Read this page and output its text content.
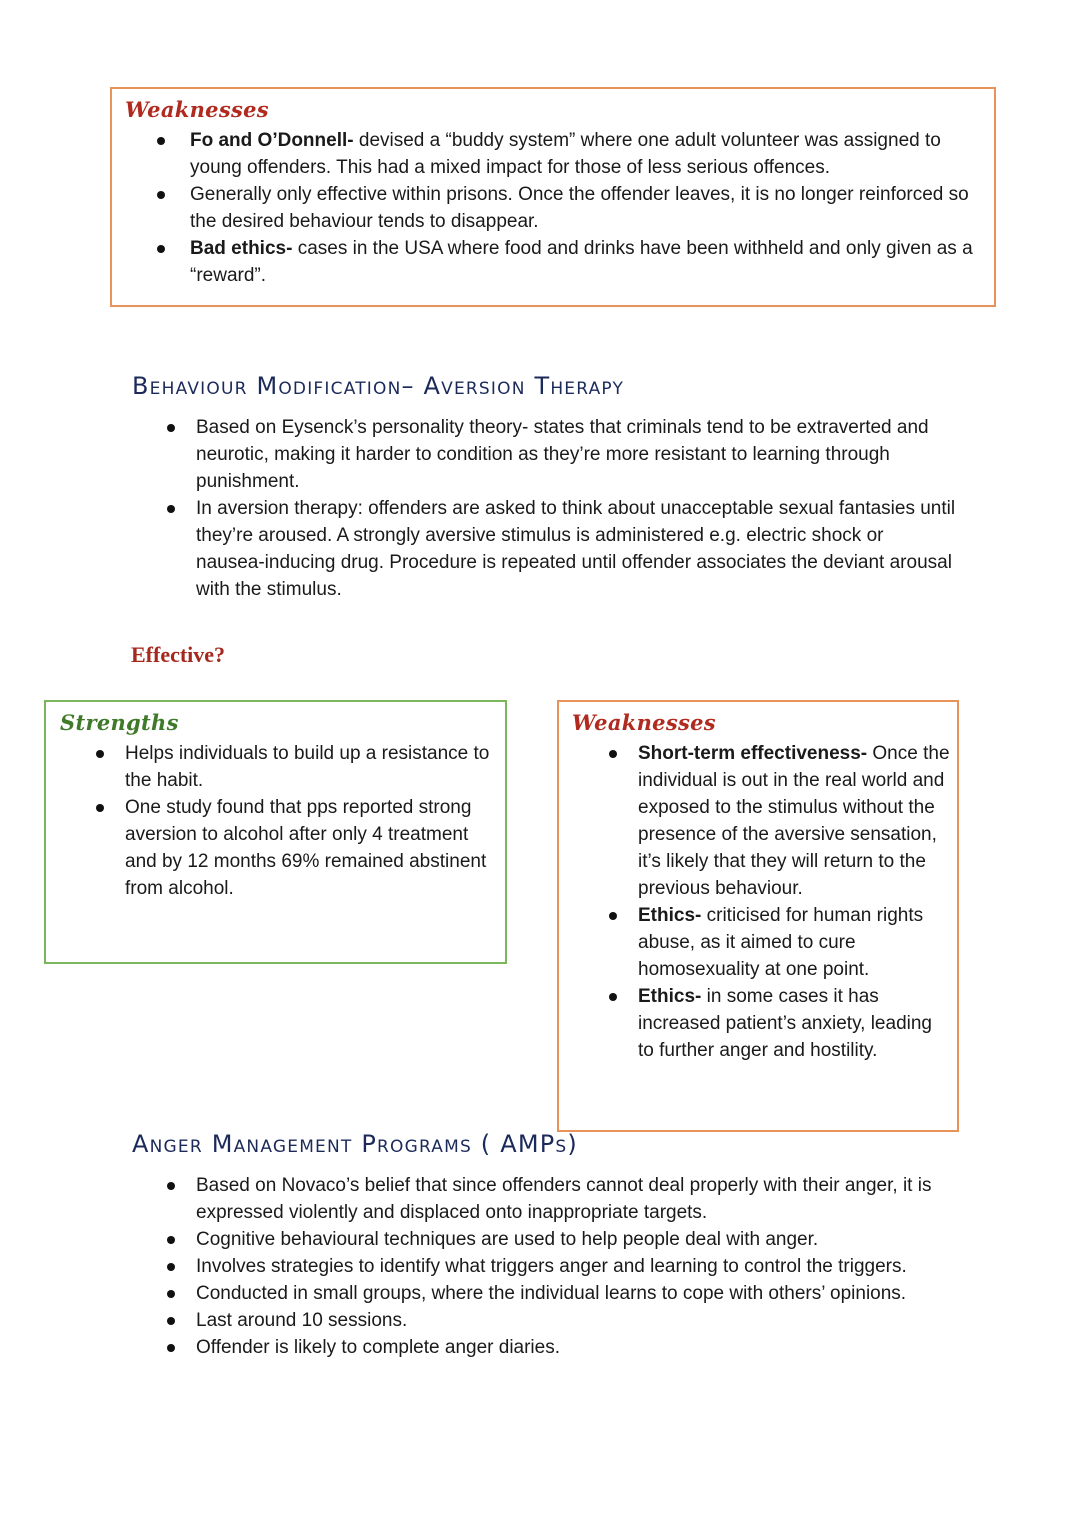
Weaknesses
Fo and O’Donnell- devised a “buddy system” where one adult volunteer was assigned to young offenders. This had a mixed impact for those of less serious offences.
Generally only effective within prisons. Once the offender leaves, it is no longer reinforced so the desired behaviour tends to disappear.
Bad ethics- cases in the USA where food and drinks have been withheld and only given as a “reward”.
Behaviour Modification– Aversion Therapy
Based on Eysenck’s personality theory- states that criminals tend to be extraverted and neurotic, making it harder to condition as they’re more resistant to learning through punishment.
In aversion therapy: offenders are asked to think about unacceptable sexual fantasies until they’re aroused. A strongly aversive stimulus is administered e.g. electric shock or nausea-inducing drug. Procedure is repeated until offender associates the deviant arousal with the stimulus.
Effective?
Strengths
Helps individuals to build up a resistance to the habit.
One study found that pps reported strong aversion to alcohol after only 4 treatment and by 12 months 69% remained abstinent from alcohol.
Weaknesses
Short-term effectiveness- Once the individual is out in the real world and exposed to the stimulus without the presence of the aversive sensation, it’s likely that they will return to the previous behaviour.
Ethics- criticised for human rights abuse, as it aimed to cure homosexuality at one point.
Ethics- in some cases it has increased patient’s anxiety, leading to further anger and hostility.
Anger Management Programs ( AMPs)
Based on Novaco’s belief that since offenders cannot deal properly with their anger, it is expressed violently and displaced onto inappropriate targets.
Cognitive behavioural techniques are used to help people deal with anger.
Involves strategies to identify what triggers anger and learning to control the triggers.
Conducted in small groups, where the individual learns to cope with others’ opinions.
Last around 10 sessions.
Offender is likely to complete anger diaries.
